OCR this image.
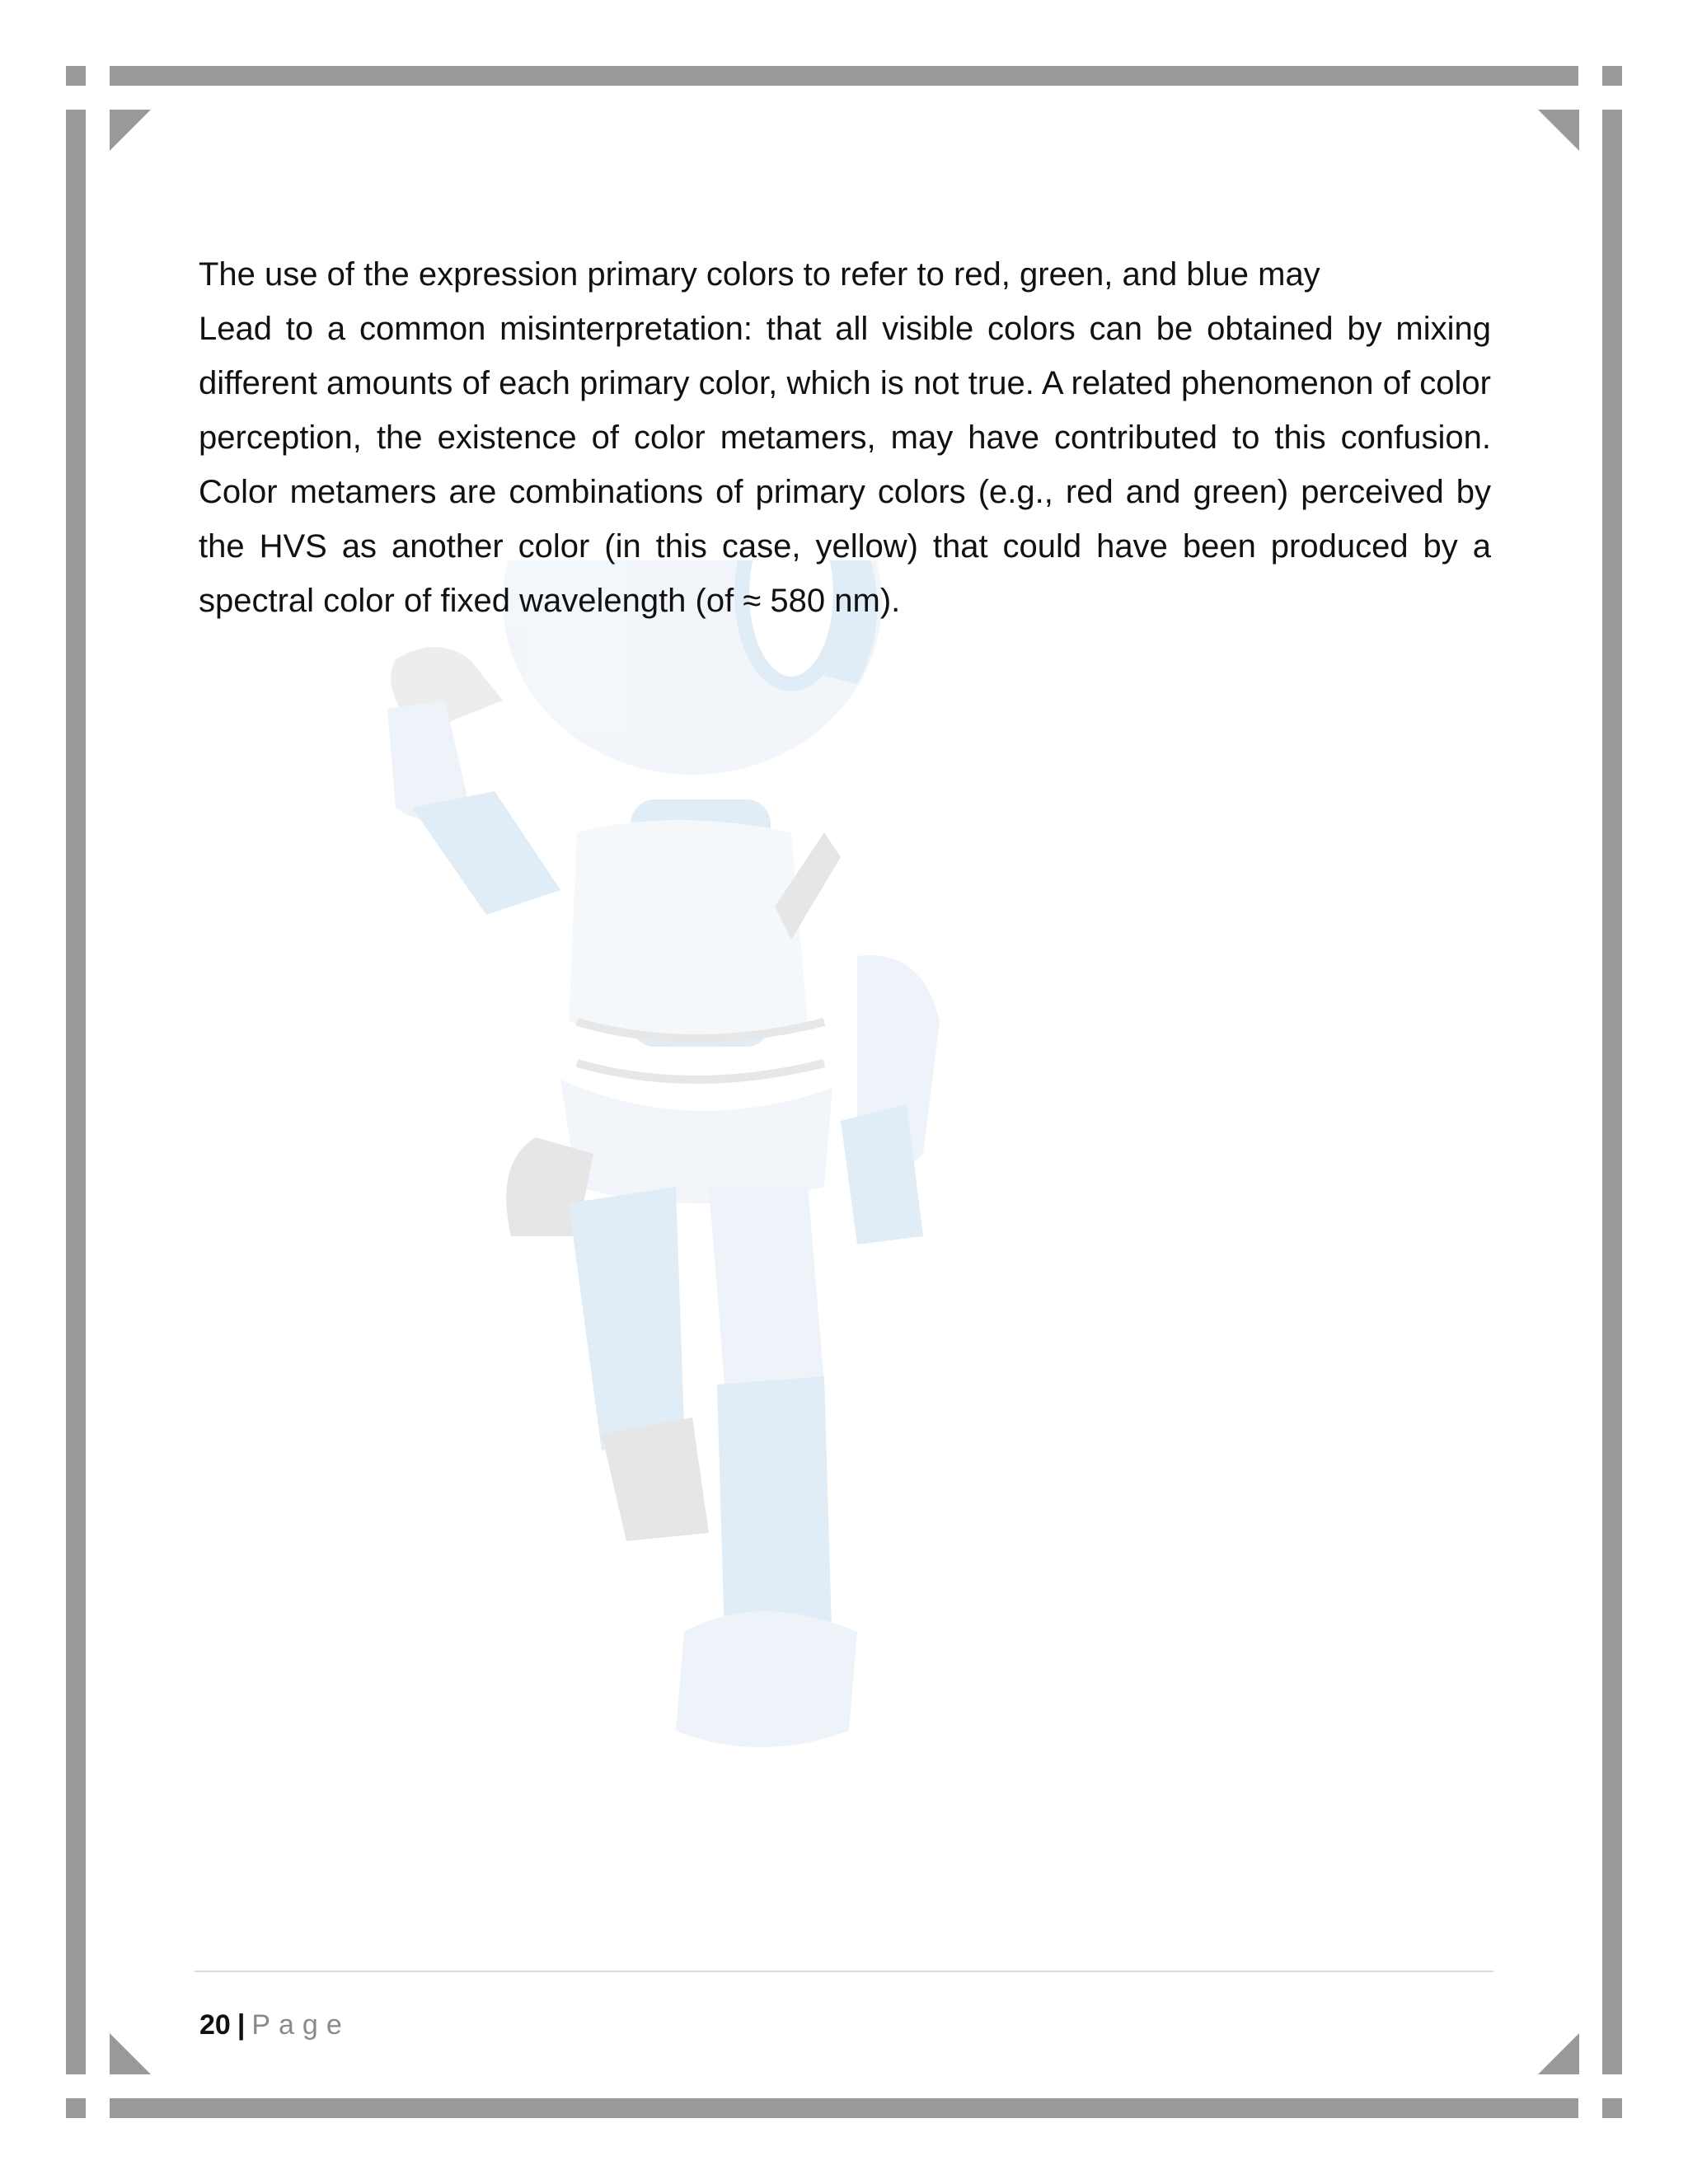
The use of the expression primary colors to refer to red, green, and blue may
Lead to a common misinterpretation: that all visible colors can be obtained by mixing different amounts of each primary color, which is not true. A related phenomenon of color perception, the existence of color metamers, may have contributed to this confusion. Color metamers are combinations of primary colors (e.g., red and green) perceived by the HVS as another color (in this case, yellow) that could have been produced by a spectral color of fixed wavelength (of ≈ 580 nm).

20 | Page
